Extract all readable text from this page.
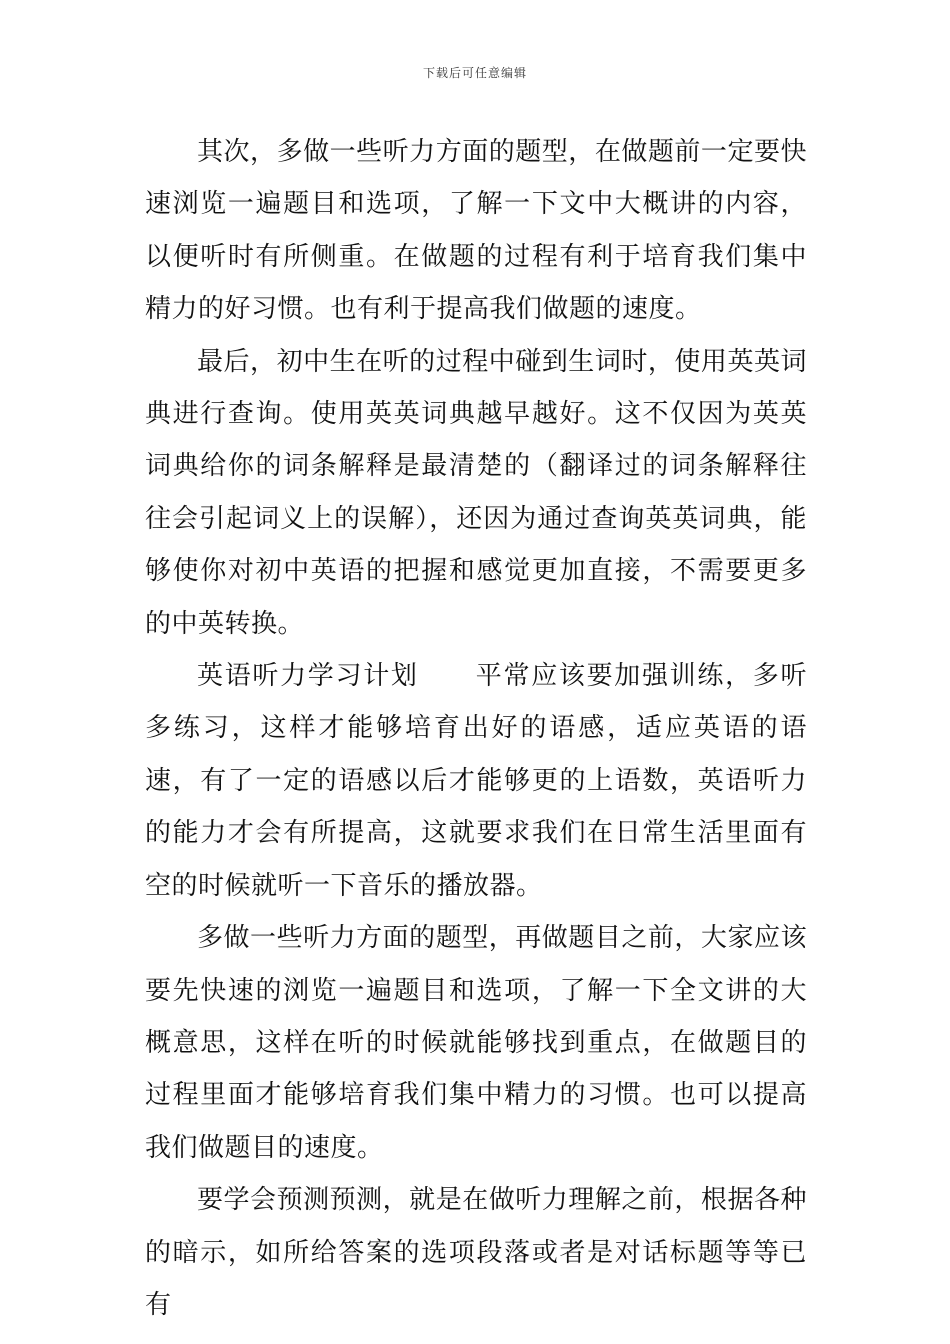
下载后可任意编辑

其次，多做一些听力方面的题型，在做题前一定要快速浏览一遍题目和选项，了解一下文中大概讲的内容，以便听时有所侧重。在做题的过程有利于培育我们集中精力的好习惯。也有利于提高我们做题的速度。

最后，初中生在听的过程中碰到生词时，使用英英词典进行查询。使用英英词典越早越好。这不仅因为英英词典给你的词条解释是最清楚的（翻译过的词条解释往往会引起词义上的误解），还因为通过查询英英词典，能够使你对初中英语的把握和感觉更加直接，不需要更多的中英转换。

英语听力学习计划 平常应该要加强训练，多听多练习，这样才能够培育出好的语感，适应英语的语速，有了一定的语感以后才能够更的上语数，英语听力的能力才会有所提高，这就要求我们在日常生活里面有空的时候就听一下音乐的播放器。

多做一些听力方面的题型，再做题目之前，大家应该要先快速的浏览一遍题目和选项，了解一下全文讲的大概意思，这样在听的时候就能够找到重点，在做题目的过程里面才能够培育我们集中精力的习惯。也可以提高我们做题目的速度。

要学会预测预测，就是在做听力理解之前，根据各种的暗示，如所给答案的选项段落或者是对话标题等等已有
